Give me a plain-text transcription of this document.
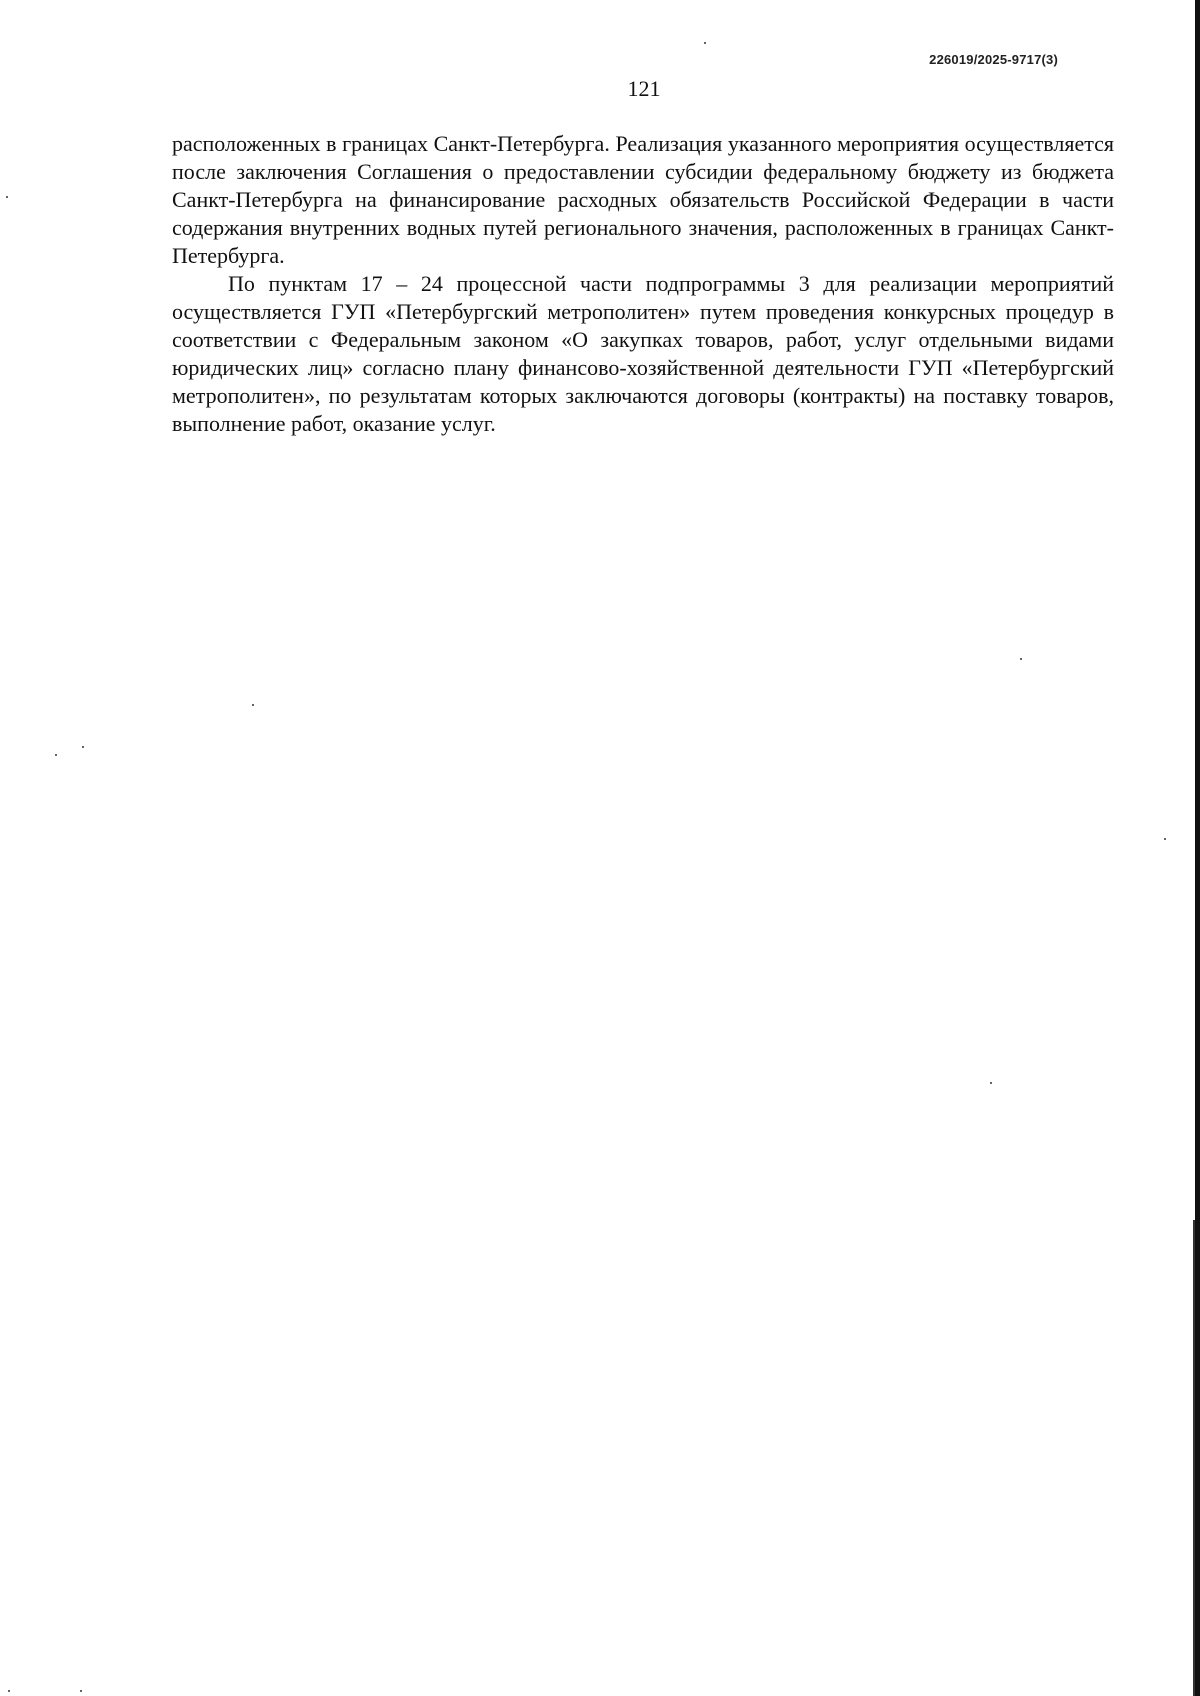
226019/2025-9717(3)
121

расположенных в границах Санкт-Петербурга. Реализация указанного мероприятия осуществляется после заключения Соглашения о предоставлении субсидии федеральному бюджету из бюджета Санкт-Петербурга на финансирование расходных обязательств Российской Федерации в части содержания внутренних водных путей регионального значения, расположенных в границах Санкт-Петербурга.

По пунктам 17 – 24 процессной части подпрограммы 3 для реализации мероприятий осуществляется ГУП «Петербургский метрополитен» путем проведения конкурсных процедур в соответствии с Федеральным законом «О закупках товаров, работ, услуг отдельными видами юридических лиц» согласно плану финансово-хозяйственной деятельности ГУП «Петербургский метрополитен», по результатам которых заключаются договоры (контракты) на поставку товаров, выполнение работ, оказание услуг.
